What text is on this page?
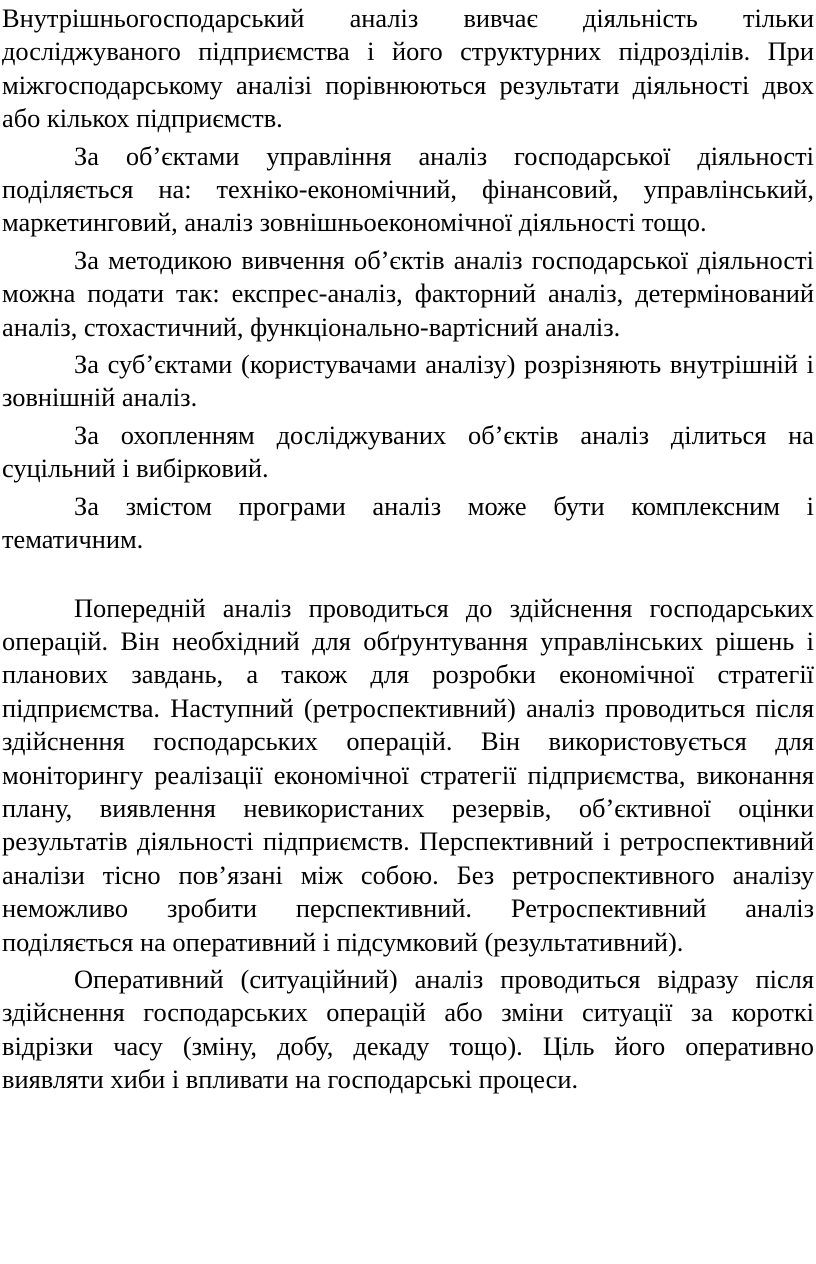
Внутрішньогосподарський аналіз вивчає діяльність тільки досліджуваного підприємства і його структурних підрозділів. При міжгосподарському аналізі порівнюються результати діяльності двох або кількох підприємств.

За об’єктами управління аналіз господарської діяльності поділяється на: техніко-економічний, фінансовий, управлінський, маркетинговий, аналіз зовнішньоекономічної діяльності тощо.

За методикою вивчення об’єктів аналіз господарської діяльності можна подати так: експрес-аналіз, факторний аналіз, детермінований аналіз, стохастичний, функціонально-вартісний аналіз.

За суб’єктами (користувачами аналізу) розрізняють внутрішній і зовнішній аналіз.

За охопленням досліджуваних об’єктів аналіз ділиться на суцільний і вибірковий.

За змістом програми аналіз може бути комплексним і тематичним.

Попередній аналіз проводиться до здійснення господарських операцій. Він необхідний для обґрунтування управлінських рішень і планових завдань, а також для розробки економічної стратегії підприємства. Наступний (ретроспективний) аналіз проводиться після здійснення господарських операцій. Він використовується для моніторингу реалізації економічної стратегії підприємства, виконання плану, виявлення невикористаних резервів, об’єктивної оцінки результатів діяльності підприємств. Перспективний і ретроспективний аналізи тісно пов’язані між собою. Без ретроспективного аналізу неможливо зробити перспективний. Ретроспективний аналіз поділяється на оперативний і підсумковий (результативний).

Оперативний (ситуаційний) аналіз проводиться відразу після здійснення господарських операцій або зміни ситуації за короткі відрізки часу (зміну, добу, декаду тощо). Ціль його оперативно виявляти хиби і впливати на господарські процеси.
